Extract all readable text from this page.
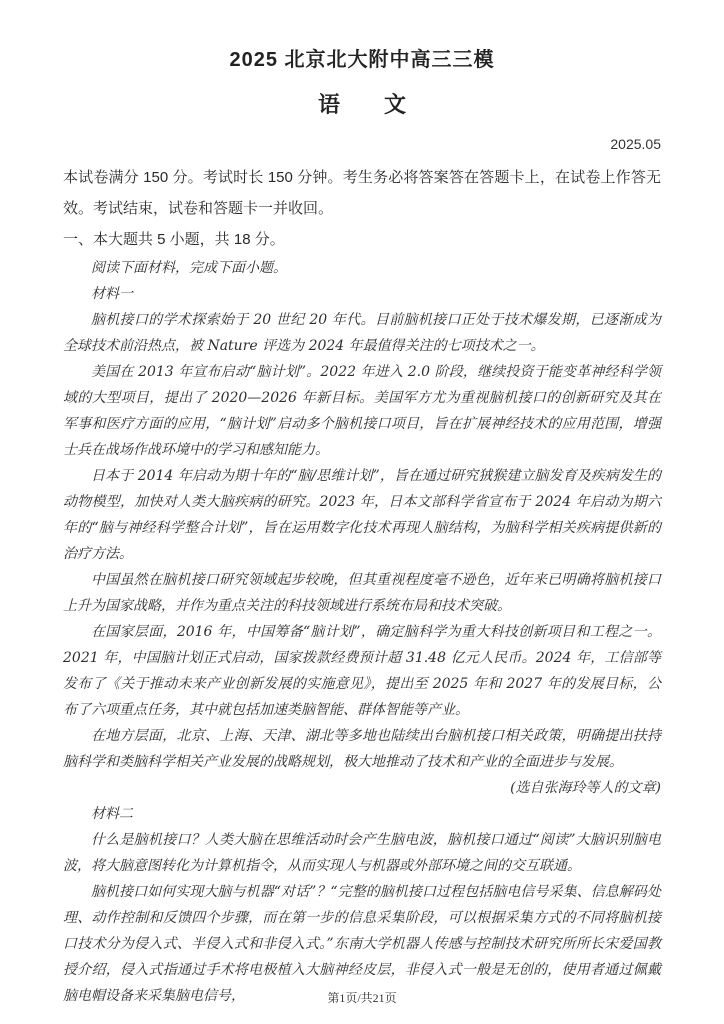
2025 北京北大附中高三三模
语　　文
2025.05

本试卷满分 150 分。考试时长 150 分钟。考生务必将答案答在答题卡上，在试卷上作答无效。考试结束，试卷和答题卡一并收回。

一、本大题共 5 小题，共 18 分。

阅读下面材料，完成下面小题。

材料一

脑机接口的学术探索始于 20 世纪 20 年代。目前脑机接口正处于技术爆发期，已逐渐成为全球技术前沿热点，被 Nature 评选为 2024 年最值得关注的七项技术之一。

美国在 2013 年宣布启动“脑计划”。2022 年进入 2.0 阶段，继续投资于能变革神经科学领域的大型项目，提出了 2020—2026 年新目标。美国军方尤为重视脑机接口的创新研究及其在军事和医疗方面的应用，“脑计划”启动多个脑机接口项目，旨在扩展神经技术的应用范围，增强士兵在战场作战环境中的学习和感知能力。

日本于 2014 年启动为期十年的“脑/思维计划”，旨在通过研究狨猴建立脑发育及疾病发生的动物模型，加快对人类大脑疾病的研究。2023 年，日本文部科学省宣布于 2024 年启动为期六年的“脑与神经科学整合计划”，旨在运用数字化技术再现人脑结构，为脑科学相关疾病提供新的治疗方法。

中国虽然在脑机接口研究领域起步较晚，但其重视程度毫不逊色，近年来已明确将脑机接口上升为国家战略，并作为重点关注的科技领域进行系统布局和技术突破。

在国家层面，2016 年，中国筹备“脑计划”，确定脑科学为重大科技创新项目和工程之一。2021 年，中国脑计划正式启动，国家拨款经费预计超 31.48 亿元人民币。2024 年，工信部等发布了《关于推动未来产业创新发展的实施意见》，提出至 2025 年和 2027 年的发展目标，公布了六项重点任务，其中就包括加速类脑智能、群体智能等产业。

在地方层面，北京、上海、天津、湖北等多地也陆续出台脑机接口相关政策，明确提出扶持脑科学和类脑科学相关产业发展的战略规划，极大地推动了技术和产业的全面进步与发展。

(选自张海玲等人的文章)

材料二

什么是脑机接口？人类大脑在思维活动时会产生脑电波，脑机接口通过“阅读”大脑识别脑电波，将大脑意图转化为计算机指令，从而实现人与机器或外部环境之间的交互联通。

脑机接口如何实现大脑与机器“对话”？“完整的脑机接口过程包括脑电信号采集、信息解码处理、动作控制和反馈四个步骤，而在第一步的信息采集阶段，可以根据采集方式的不同将脑机接口技术分为侵入式、半侵入式和非侵入式。”东南大学机器人传感与控制技术研究所所长宋爱国教授介绍，侵入式指通过手术将电极植入大脑神经皮层，非侵入式一般是无创的，使用者通过佩戴脑电帽设备来采集脑电信号，	第1页/共21页
